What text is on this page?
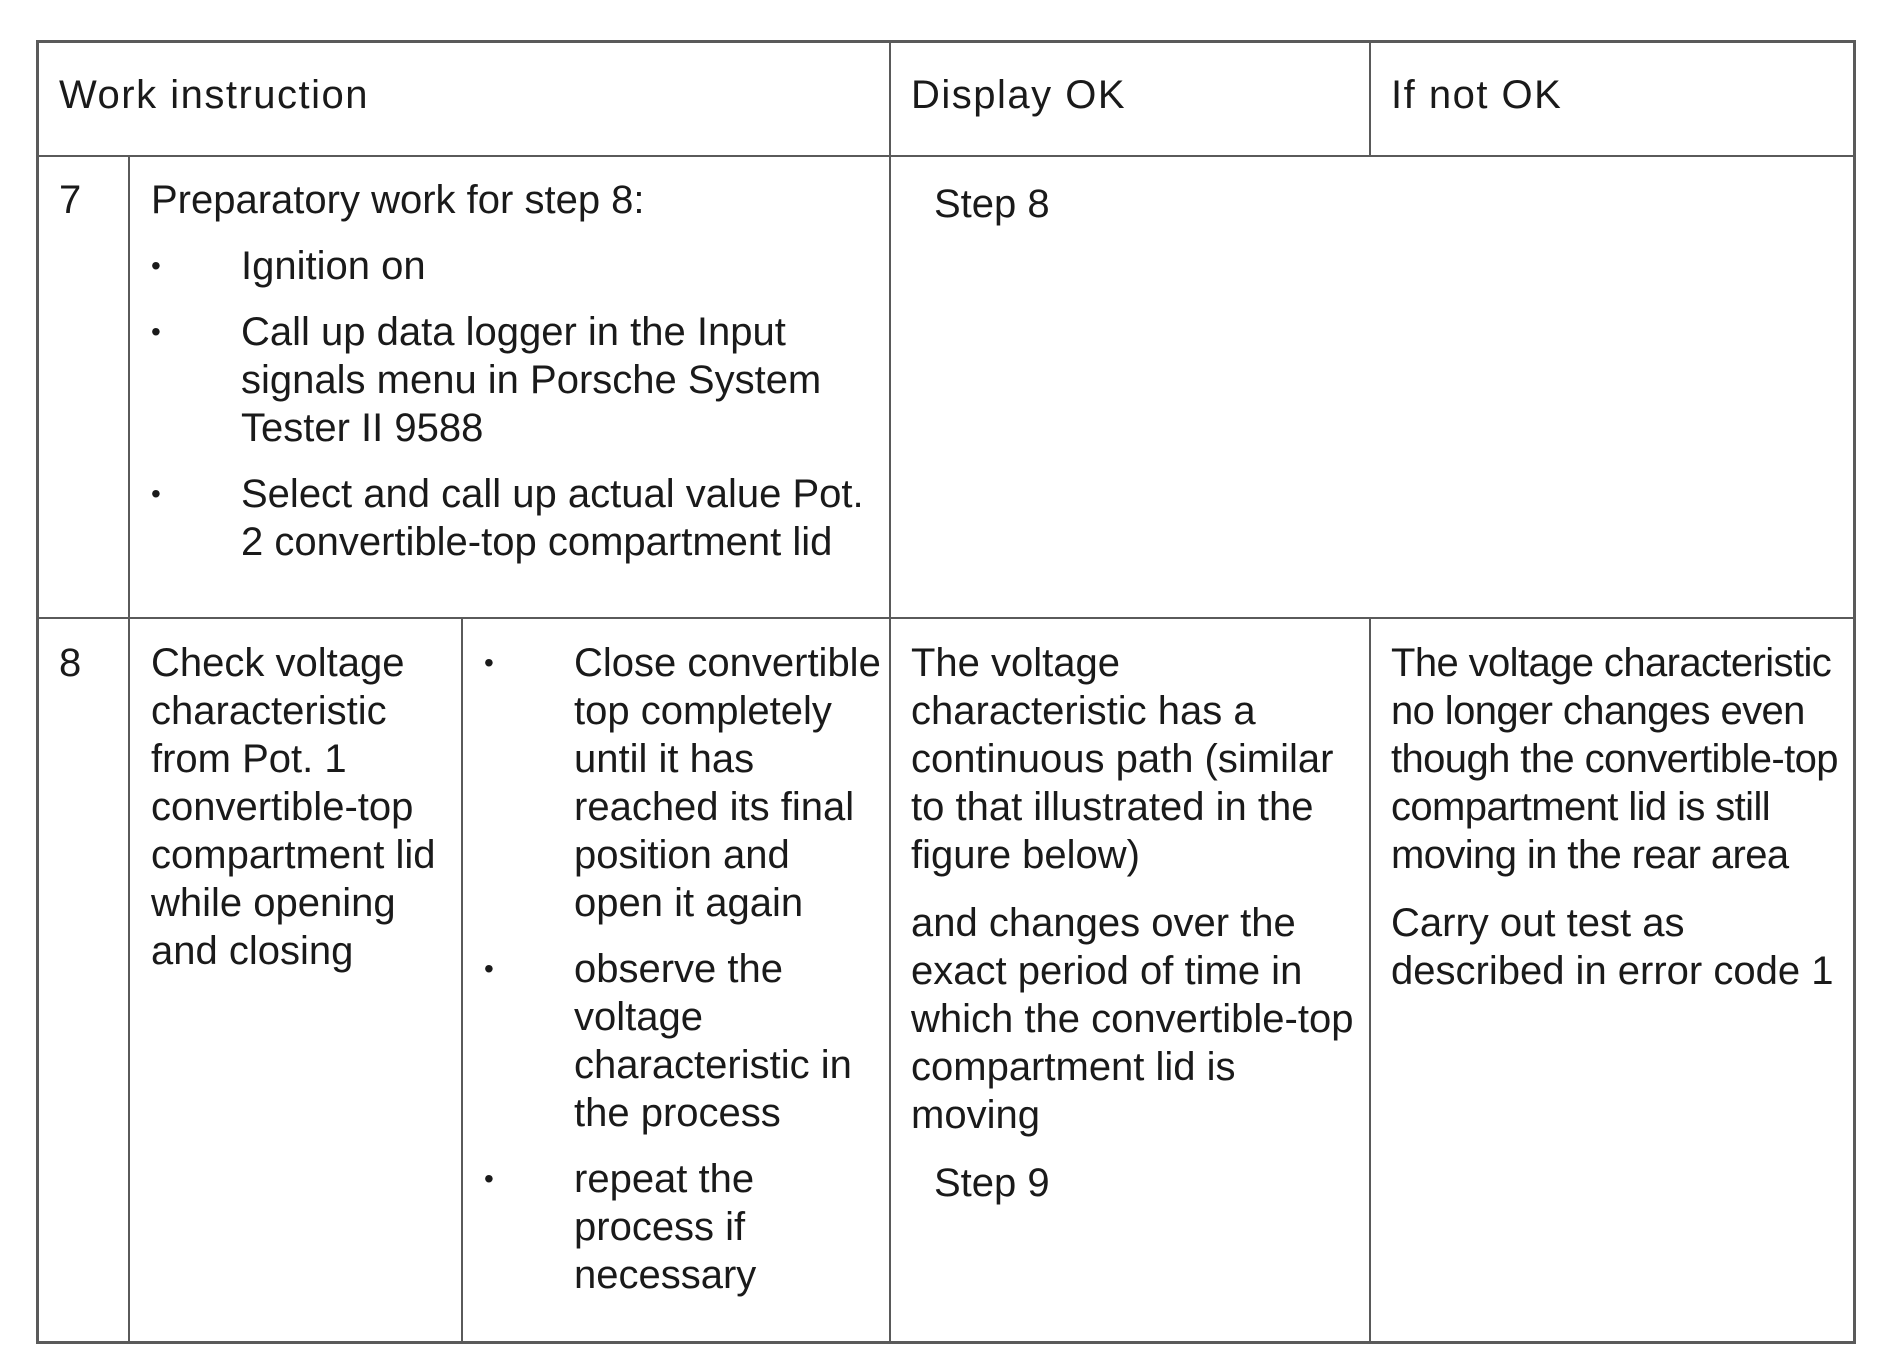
Work instruction	Display OK	If not OK
7 Preparatory work for step 8:

• Ignition on
• Call up data logger in the Input signals menu in Porsche System Tester II 9588
• Select and call up actual value Pot. 2 convertible-top compartment lid
Step 8
8 Check voltage characteristic from Pot. 1 convertible-top compartment lid while opening and closing

• Close convertible top completely until it has reached its final position and open it again
• observe the voltage characteristic in the process
• repeat the process if necessary

The voltage characteristic has a continuous path (similar to that illustrated in the figure below)

and changes over the exact period of time in which the convertible-top compartment lid is moving

Step 9

The voltage characteristic no longer changes even though the convertible-top compartment lid is still moving in the rear area

Carry out test as described in error code 1
